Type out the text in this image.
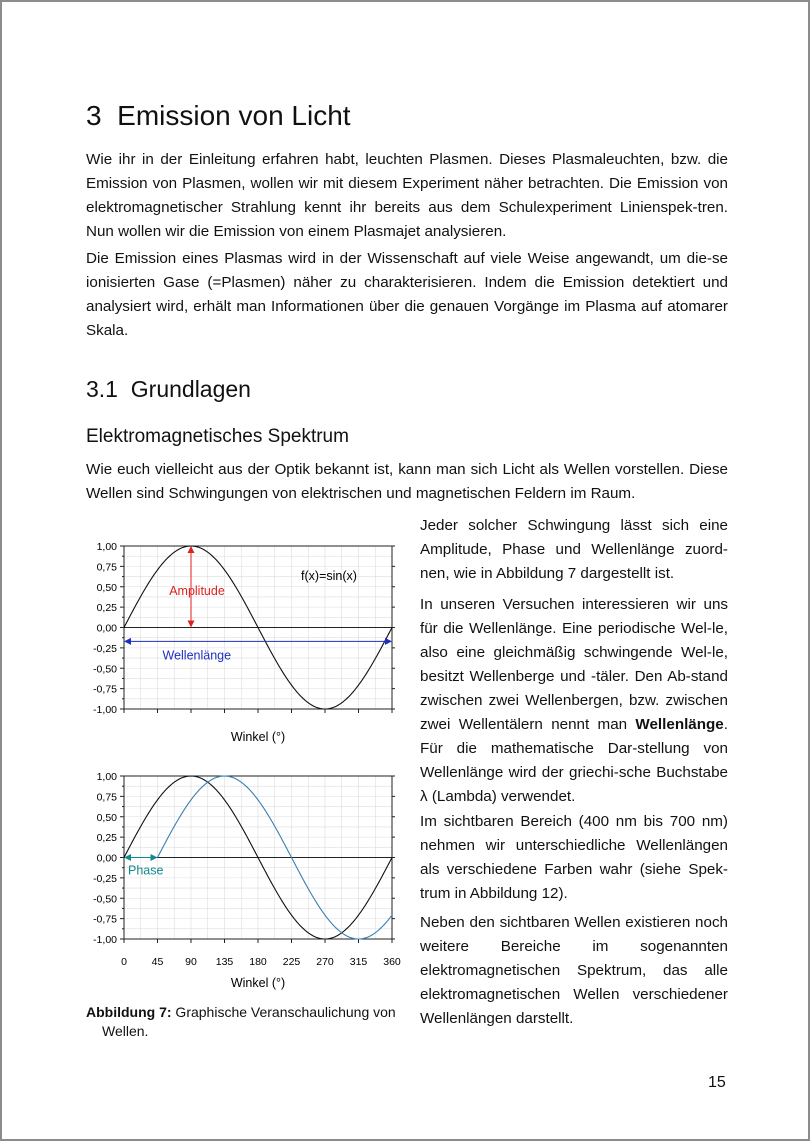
3 Emission von Licht

Wie ihr in der Einleitung erfahren habt, leuchten Plasmen. Dieses Plasmaleuchten, bzw. die Emission von Plasmen, wollen wir mit diesem Experiment näher betrachten. Die Emission von elektromagnetischer Strahlung kennt ihr bereits aus dem Schulexperiment Linienspek-tren. Nun wollen wir die Emission von einem Plasmajet analysieren.

Die Emission eines Plasmas wird in der Wissenschaft auf viele Weise angewandt, um die-se ionisierten Gase (=Plasmen) näher zu charakterisieren. Indem die Emission detektiert und analysiert wird, erhält man Informationen über die genauen Vorgänge im Plasma auf atomarer Skala.

3.1 Grundlagen
Elektromagnetisches Spektrum

Wie euch vielleicht aus der Optik bekannt ist, kann man sich Licht als Wellen vorstellen. Diese Wellen sind Schwingungen von elektrischen und magnetischen Feldern im Raum.

1,00
0,75
0,50
0,25
0,00
-0,25
-0,50
-0,75
-1,00
Winkel (°)
f(x)=sin(x)
Amplitude
Wellenlänge
1,00
0,75
0,50
0,25
0,00
-0,25
-0,50
-0,75
-1,00
0 45 90 135 180 225 270 315 360
Winkel (°)
Phase

Abbildung 7: Graphische Veranschaulichung von
Wellen.

Jeder solcher Schwingung lässt sich eine Amplitude, Phase und Wellenlänge zuord-nen, wie in Abbildung 7 dargestellt ist.

In unseren Versuchen interessieren wir uns für die Wellenlänge. Eine periodische Wel-le, also eine gleichmäßig schwingende Wel-le, besitzt Wellenberge und -täler. Den Ab-stand zwischen zwei Wellenbergen, bzw. zwischen zwei Wellentälern nennt man Wellenlänge. Für die mathematische Dar-stellung von Wellenlänge wird der griechi-sche Buchstabe λ (Lambda) verwendet.

Im sichtbaren Bereich (400 nm bis 700 nm) nehmen wir unterschiedliche Wellenlängen als verschiedene Farben wahr (siehe Spek-trum in Abbildung 12).

Neben den sichtbaren Wellen existieren noch weitere Bereiche im sogenannten elektromagnetischen Spektrum, das alle elektromagnetischen Wellen verschiedener Wellenlängen darstellt.

15
